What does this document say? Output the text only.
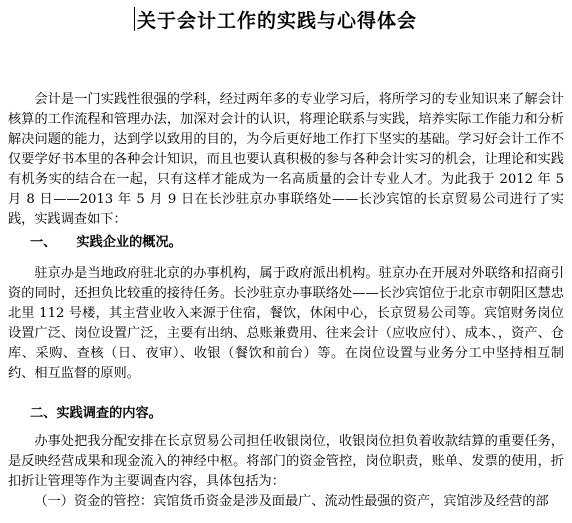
关于会计工作的实践与心得体会

会计是一门实践性很强的学科，经过两年多的专业学习后，将所学习的专业知识来了解会计核算的工作流程和管理办法，加深对会计的认识，将理论联系与实践，培养实际工作能力和分析解决问题的能力，达到学以致用的目的，为今后更好地工作打下坚实的基础。学习好会计工作不仅要学好书本里的各种会计知识，而且也要认真积极的参与各种会计实习的机会，让理论和实践有机务实的结合在一起，只有这样才能成为一名高质量的会计专业人才。为此我于 2012 年 5 月 8 日——2013 年 5 月 9 日在长沙驻京办事联络处——长沙宾馆的长京贸易公司进行了实践，实践调查如下：

一、 实践企业的概况。

驻京办是当地政府驻北京的办事机构，属于政府派出机构。驻京办在开展对外联络和招商引资的同时，还担负比较重的接待任务。长沙驻京办事联络处——长沙宾馆位于北京市朝阳区慧忠北里 112 号楼，其主营业收入来源于住宿，餐饮，休闲中心，长京贸易公司等。宾馆财务岗位设置广泛、岗位设置广泛，主要有出纳、总账兼费用、往来会计（应收应付）、成本、，资产、仓库、采购、查核（日、夜审）、收银（餐饮和前台）等。在岗位设置与业务分工中坚持相互制约、相互监督的原则。

二、实践调查的内容。

办事处把我分配安排在长京贸易公司担任收银岗位，收银岗位担负着收款结算的重要任务，是反映经营成果和现金流入的神经中枢。将部门的资金管控，岗位职责，账单、发票的使用，折扣折让管理等作为主要调查内容，具体包括为：

（一）资金的管控：宾馆货币资金是涉及面最广、流动性最强的资产，宾馆涉及经营的部
